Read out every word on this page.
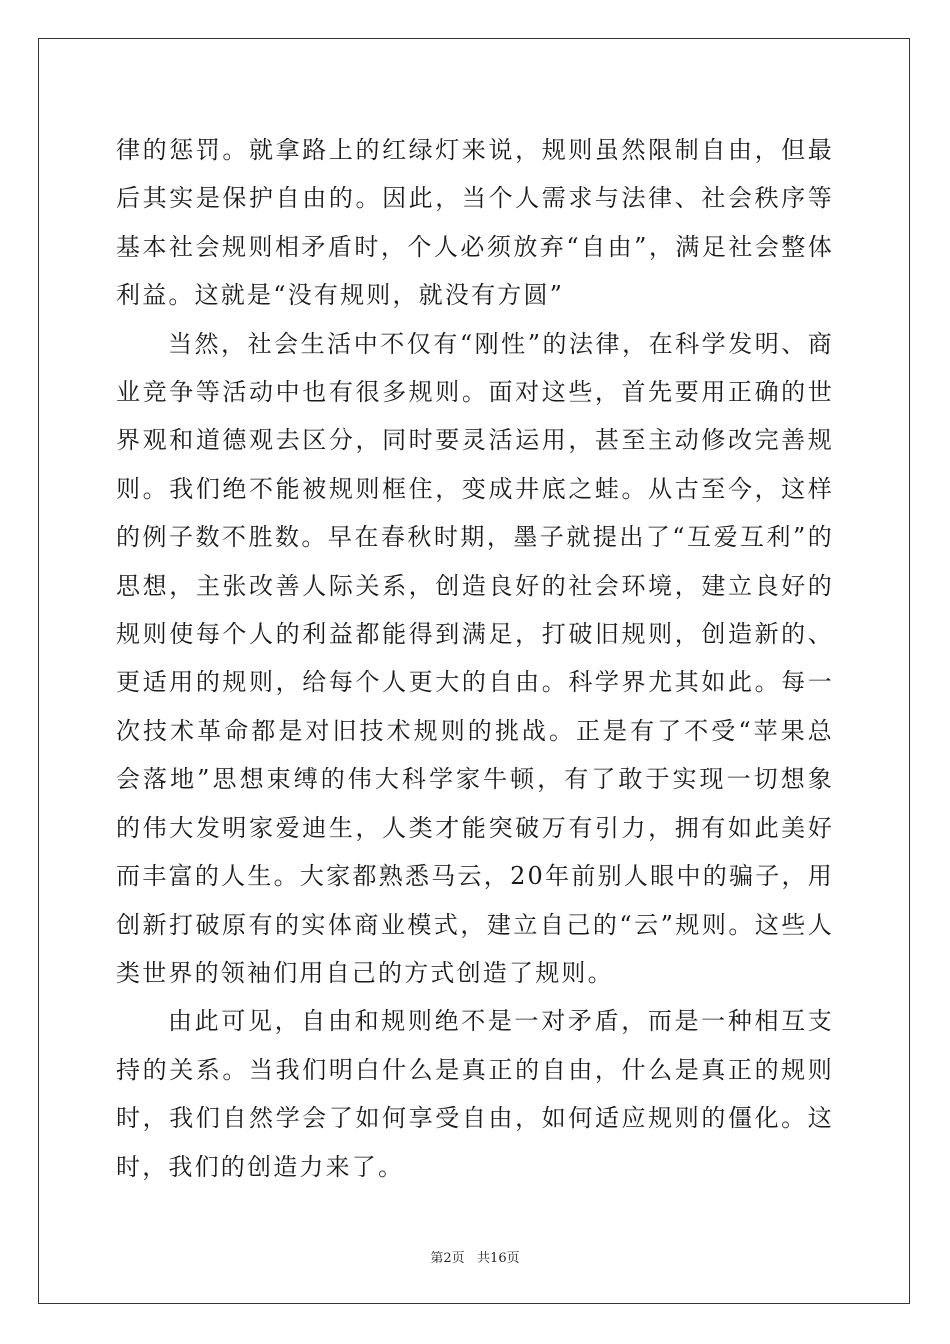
律的惩罚。就拿路上的红绿灯来说，规则虽然限制自由，但最后其实是保护自由的。因此，当个人需求与法律、社会秩序等基本社会规则相矛盾时，个人必须放弃“自由”，满足社会整体利益。这就是“没有规则，就没有方圆”

当然，社会生活中不仅有“刚性”的法律，在科学发明、商业竞争等活动中也有很多规则。面对这些，首先要用正确的世界观和道德观去区分，同时要灵活运用，甚至主动修改完善规则。我们绝不能被规则框住，变成井底之蛙。从古至今，这样的例子数不胜数。早在春秋时期，墨子就提出了“互爱互利”的思想，主张改善人际关系，创造良好的社会环境，建立良好的规则使每个人的利益都能得到满足，打破旧规则，创造新的、更适用的规则，给每个人更大的自由。科学界尤其如此。每一次技术革命都是对旧技术规则的挑战。正是有了不受“苹果总会落地”思想束缚的伟大科学家牛顿，有了敢于实现一切想象的伟大发明家爱迪生，人类才能突破万有引力，拥有如此美好而丰富的人生。大家都熟悉马云，20年前别人眼中的骗子，用创新打破原有的实体商业模式，建立自己的“云”规则。这些人类世界的领袖们用自己的方式创造了规则。

由此可见，自由和规则绝不是一对矛盾，而是一种相互支持的关系。当我们明白什么是真正的自由，什么是真正的规则时，我们自然学会了如何享受自由，如何适应规则的僵化。这时，我们的创造力来了。

第2页   共16页
